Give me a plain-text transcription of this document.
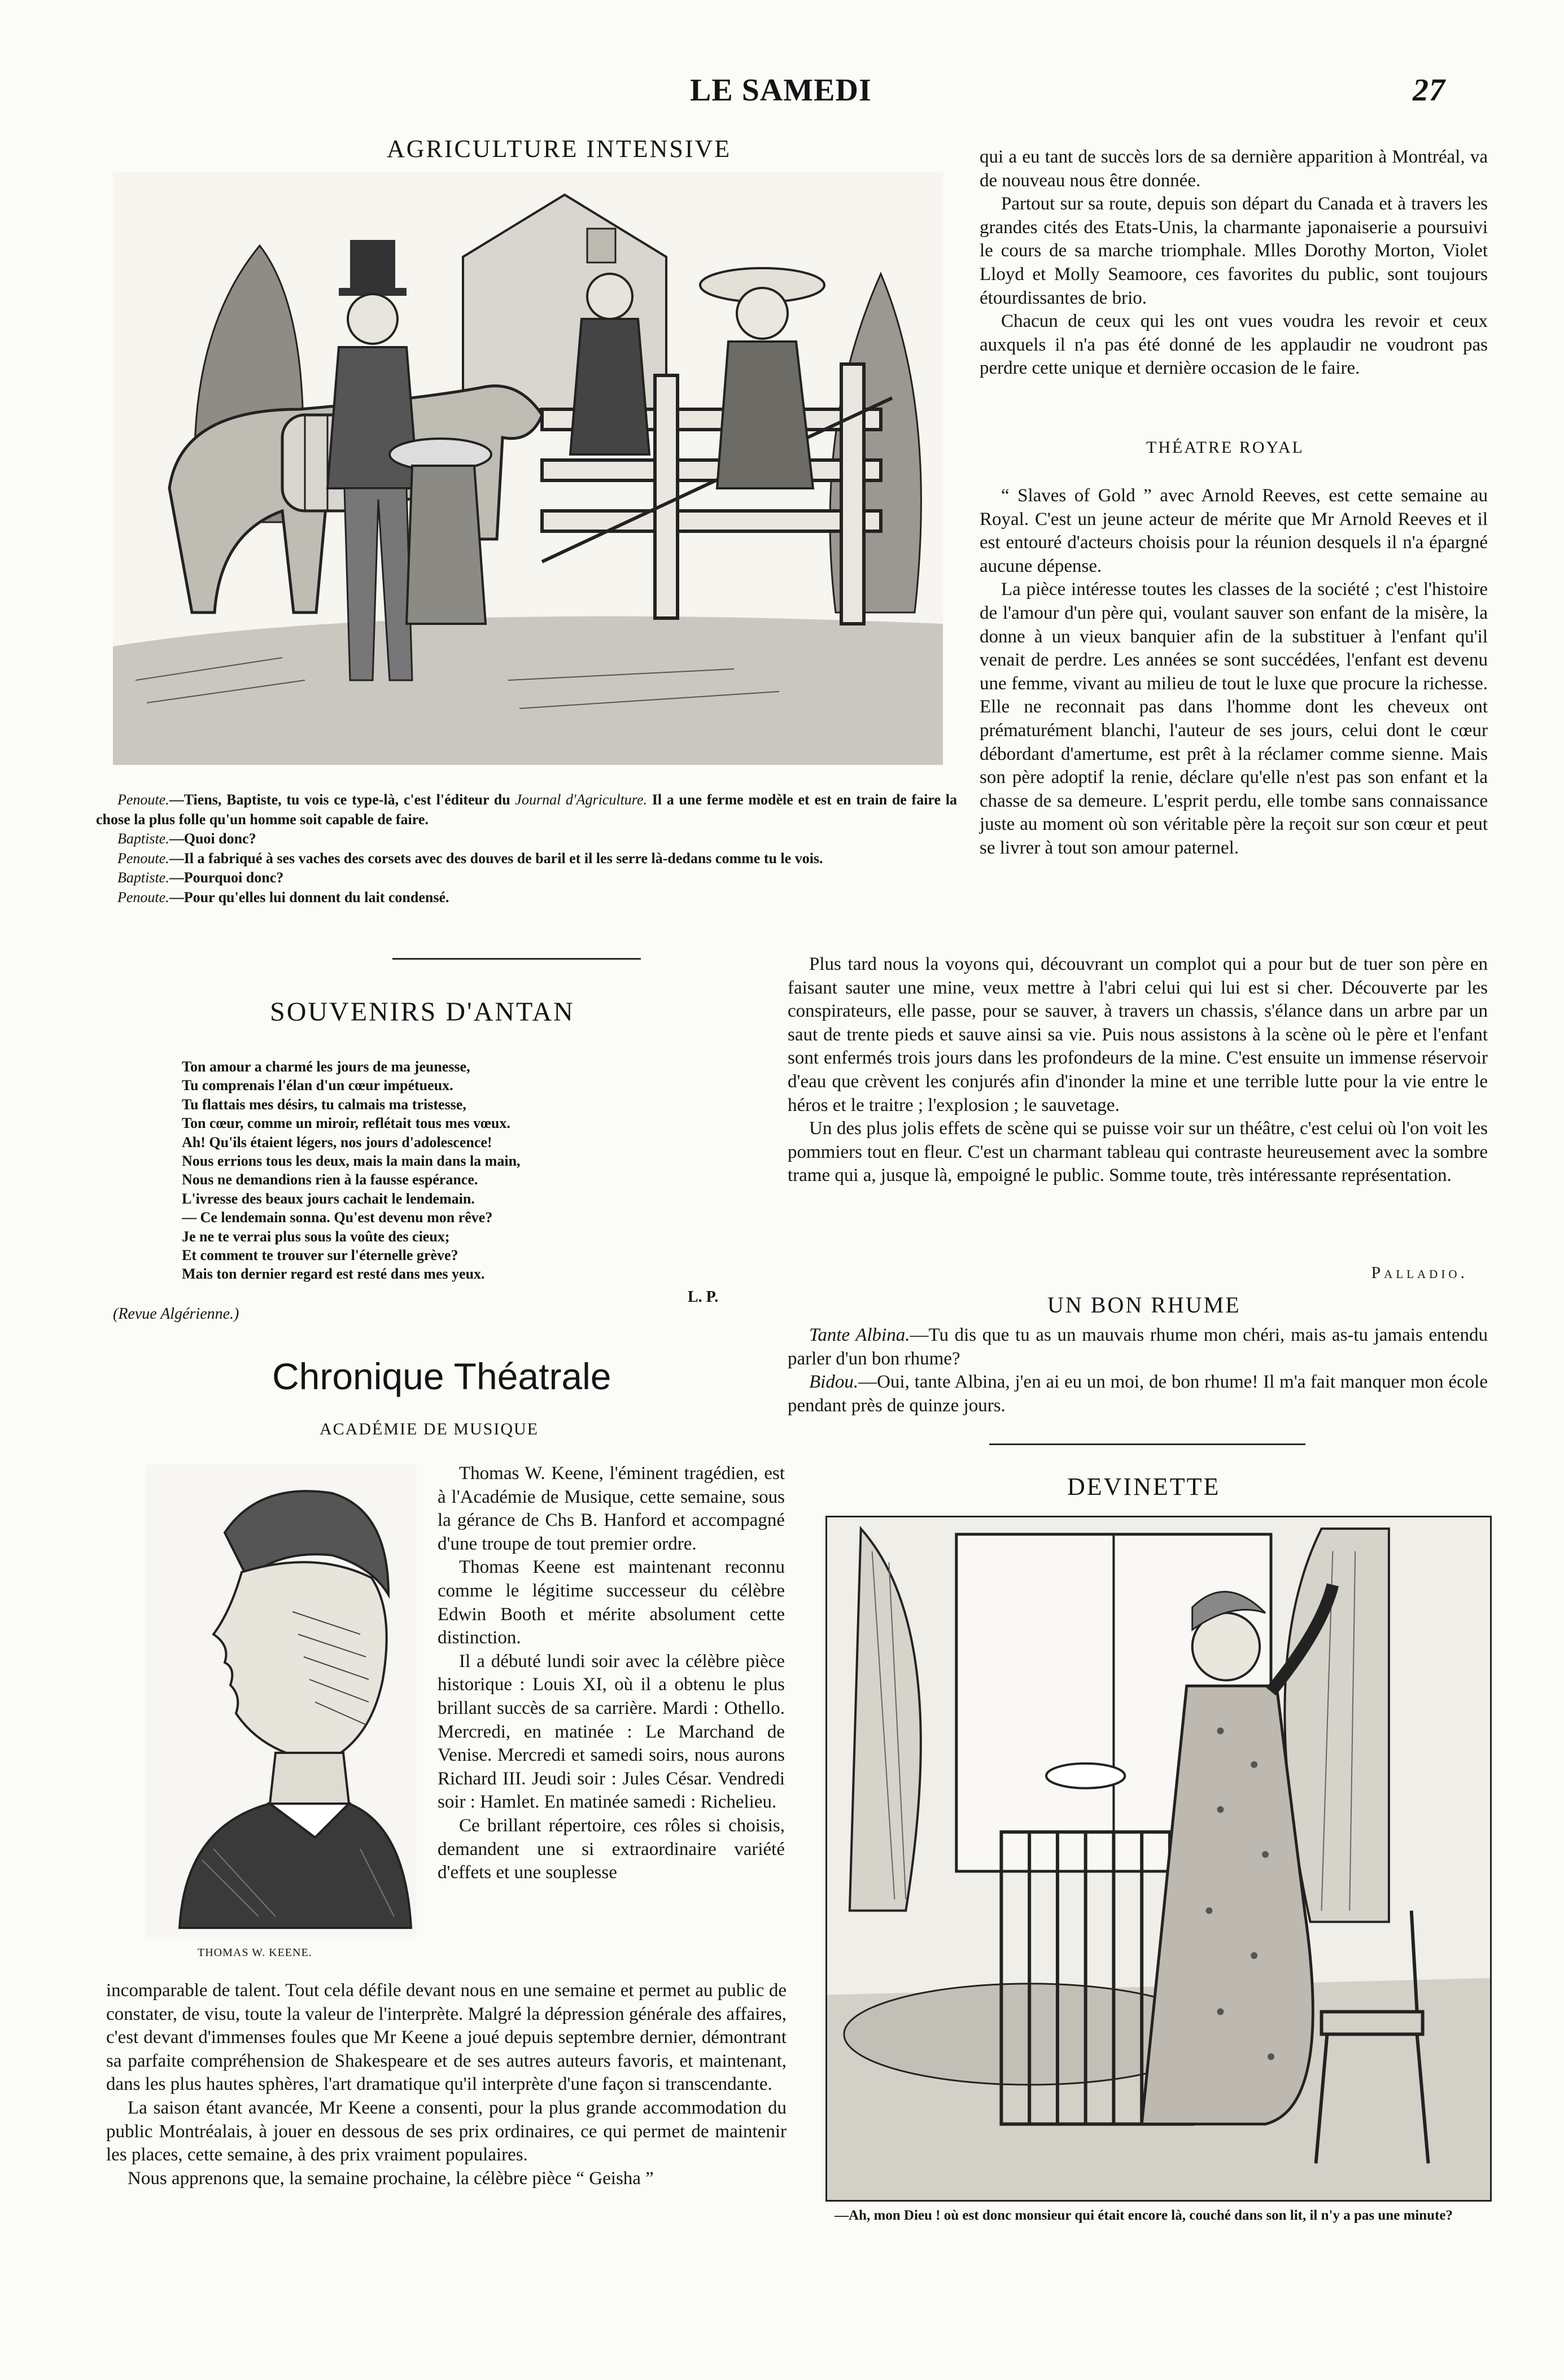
LE SAMEDI	27
AGRICULTURE INTENSIVE

Penoute.—Tiens, Baptiste, tu vois ce type-là, c'est l'éditeur du Journal d'Agriculture. Il a une ferme modèle et est en train de faire la chose la plus folle qu'un homme soit capable de faire.

Baptiste.—Quoi donc?

Penoute.—Il a fabriqué à ses vaches des corsets avec des douves de baril et il les serre là-dedans comme tu le vois.

Baptiste.—Pourquoi donc?

Penoute.—Pour qu'elles lui donnent du lait condensé.

SOUVENIRS D'ANTAN
Ton amour a charmé les jours de ma jeunesse,
Tu comprenais l'élan d'un cœur impétueux.
Tu flattais mes désirs, tu calmais ma tristesse,
Ton cœur, comme un miroir, reflétait tous mes vœux.
Ah! Qu'ils étaient légers, nos jours d'adolescence!
Nous errions tous les deux, mais la main dans la main,
Nous ne demandions rien à la fausse espérance.
L'ivresse des beaux jours cachait le lendemain.
— Ce lendemain sonna. Qu'est devenu mon rêve?
Je ne te verrai plus sous la voûte des cieux;
Et comment te trouver sur l'éternelle grève?
Mais ton dernier regard est resté dans mes yeux.
L. P.
(Revue Algérienne.)
Chronique Théatrale
ACADÉMIE DE MUSIQUE
THOMAS W. KEENE.

Thomas W. Keene, l'éminent tragédien, est à l'Académie de Musique, cette semaine, sous la gérance de Chs B. Hanford et accompagné d'une troupe de tout premier ordre.

Thomas Keene est maintenant reconnu comme le légitime successeur du célèbre Edwin Booth et mérite absolument cette distinction.

Il a débuté lundi soir avec la célèbre pièce historique : Louis XI, où il a obtenu le plus brillant succès de sa carrière. Mardi : Othello. Mercredi, en matinée : Le Marchand de Venise. Mercredi et samedi soirs, nous aurons Richard III. Jeudi soir : Jules César. Vendredi soir : Hamlet. En matinée samedi : Richelieu.

Ce brillant répertoire, ces rôles si choisis, demandent une si extraordinaire variété d'effets et une souplesse

incomparable de talent. Tout cela défile devant nous en une semaine et permet au public de constater, de visu, toute la valeur de l'interprète. Malgré la dépression générale des affaires, c'est devant d'immenses foules que Mr Keene a joué depuis septembre dernier, démontrant sa parfaite compréhension de Shakespeare et de ses autres auteurs favoris, et maintenant, dans les plus hautes sphères, l'art dramatique qu'il interprète d'une façon si transcendante.

La saison étant avancée, Mr Keene a consenti, pour la plus grande accommodation du public Montréalais, à jouer en dessous de ses prix ordinaires, ce qui permet de maintenir les places, cette semaine, à des prix vraiment populaires.

Nous apprenons que, la semaine prochaine, la célèbre pièce “ Geisha ”

qui a eu tant de succès lors de sa dernière apparition à Montréal, va de nouveau nous être donnée.

Partout sur sa route, depuis son départ du Canada et à travers les grandes cités des Etats-Unis, la charmante japonaiserie a poursuivi le cours de sa marche triomphale. Mlles Dorothy Morton, Violet Lloyd et Molly Seamoore, ces favorites du public, sont toujours étourdissantes de brio.

Chacun de ceux qui les ont vues voudra les revoir et ceux auxquels il n'a pas été donné de les applaudir ne voudront pas perdre cette unique et dernière occasion de le faire.

THÉATRE ROYAL

“ Slaves of Gold ” avec Arnold Reeves, est cette semaine au Royal. C'est un jeune acteur de mérite que Mr Arnold Reeves et il est entouré d'acteurs choisis pour la réunion desquels il n'a épargné aucune dépense.

La pièce intéresse toutes les classes de la société ; c'est l'histoire de l'amour d'un père qui, voulant sauver son enfant de la misère, la donne à un vieux banquier afin de la substituer à l'enfant qu'il venait de perdre. Les années se sont succédées, l'enfant est devenu une femme, vivant au milieu de tout le luxe que procure la richesse. Elle ne reconnait pas dans l'homme dont les cheveux ont prématurément blanchi, l'auteur de ses jours, celui dont le cœur débordant d'amertume, est prêt à la réclamer comme sienne. Mais son père adoptif la renie, déclare qu'elle n'est pas son enfant et la chasse de sa demeure. L'esprit perdu, elle tombe sans connaissance juste au moment où son véritable père la reçoit sur son cœur et peut se livrer à tout son amour paternel.

Plus tard nous la voyons qui, découvrant un complot qui a pour but de tuer son père en faisant sauter une mine, veux mettre à l'abri celui qui lui est si cher. Découverte par les conspirateurs, elle passe, pour se sauver, à travers un chassis, s'élance dans un arbre par un saut de trente pieds et sauve ainsi sa vie. Puis nous assistons à la scène où le père et l'enfant sont enfermés trois jours dans les profondeurs de la mine. C'est ensuite un immense réservoir d'eau que crèvent les conjurés afin d'inonder la mine et une terrible lutte pour la vie entre le héros et le traitre ; l'explosion ; le sauvetage.

Un des plus jolis effets de scène qui se puisse voir sur un théâtre, c'est celui où l'on voit les pommiers tout en fleur. C'est un charmant tableau qui contraste heureusement avec la sombre trame qui a, jusque là, empoigné le public. Somme toute, très intéressante représentation.

Palladio.
UN BON RHUME

Tante Albina.—Tu dis que tu as un mauvais rhume mon chéri, mais as-tu jamais entendu parler d'un bon rhume?

Bidou.—Oui, tante Albina, j'en ai eu un moi, de bon rhume! Il m'a fait manquer mon école pendant près de quinze jours.

DEVINETTE
—Ah, mon Dieu ! où est donc monsieur qui était encore là, couché dans son lit, il n'y a pas une minute?
